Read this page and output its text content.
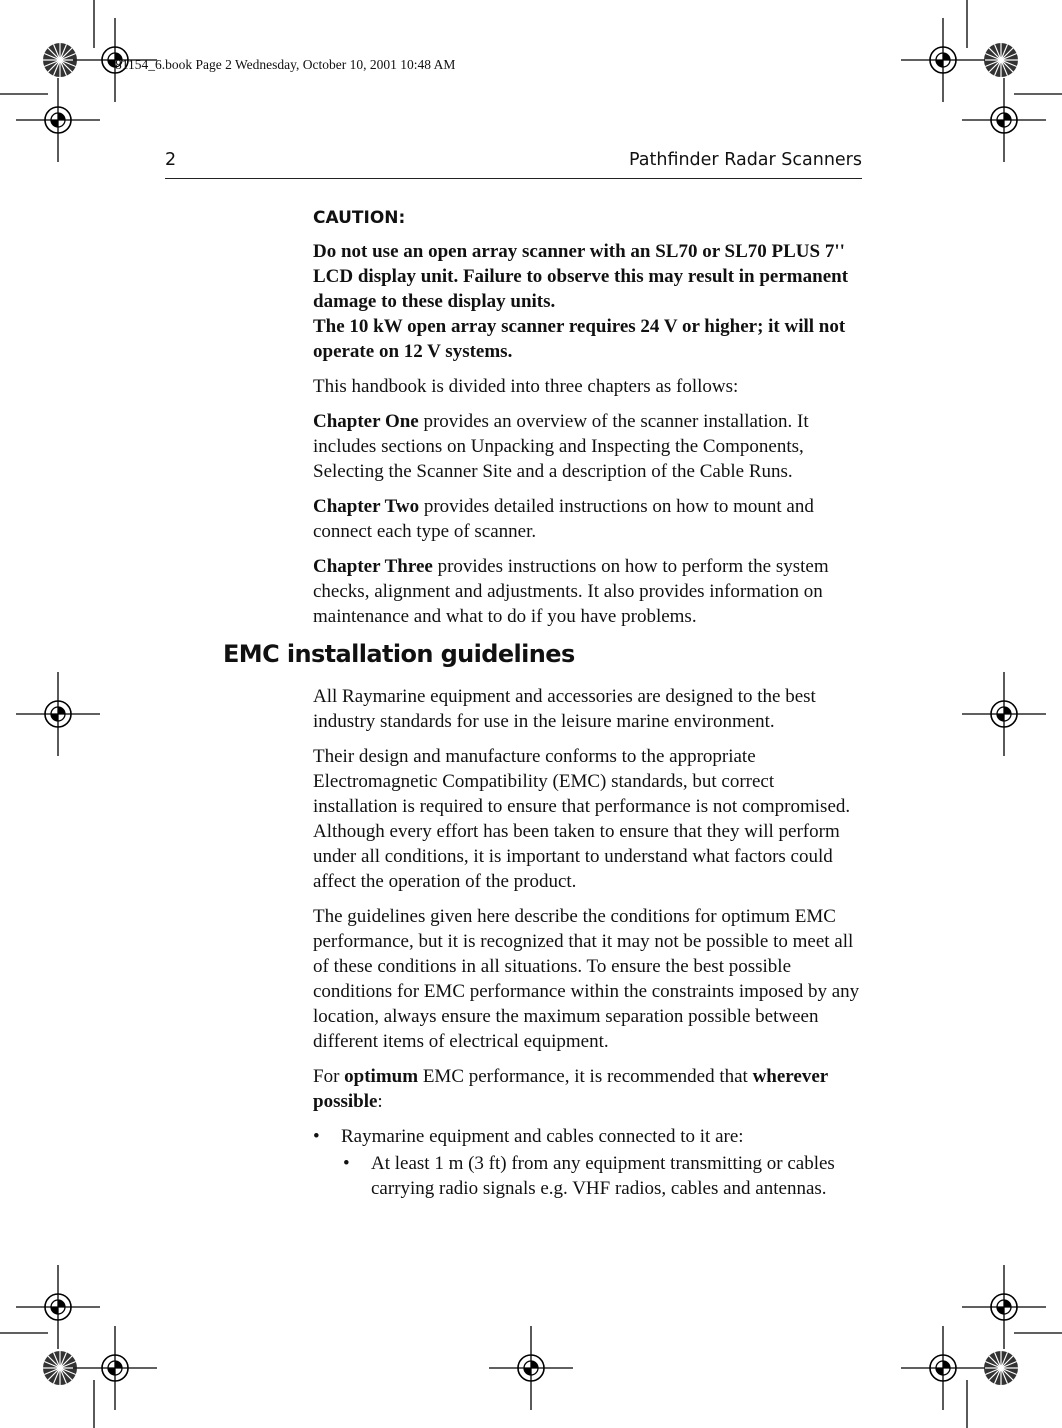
81154_6.book Page 2 Wednesday, October 10, 2001 10:48 AM
2	Pathfinder Radar Scanners

CAUTION:

Do not use an open array scanner with an SL70 or SL70 PLUS 7'' LCD display unit. Failure to observe this may result in permanent damage to these display units.
The 10 kW open array scanner requires 24 V or higher; it will not operate on 12 V systems.

This handbook is divided into three chapters as follows:

Chapter One provides an overview of the scanner installation. It includes sections on Unpacking and Inspecting the Components, Selecting the Scanner Site and a description of the Cable Runs.

Chapter Two provides detailed instructions on how to mount and connect each type of scanner.

Chapter Three provides instructions on how to perform the system checks, alignment and adjustments. It also provides information on maintenance and what to do if you have problems.

EMC installation guidelines

All Raymarine equipment and accessories are designed to the best industry standards for use in the leisure marine environment.

Their design and manufacture conforms to the appropriate Electromagnetic Compatibility (EMC) standards, but correct installation is required to ensure that performance is not compromised. Although every effort has been taken to ensure that they will perform under all conditions, it is important to understand what factors could affect the operation of the product.

The guidelines given here describe the conditions for optimum EMC performance, but it is recognized that it may not be possible to meet all of these conditions in all situations. To ensure the best possible conditions for EMC performance within the constraints imposed by any location, always ensure the maximum separation possible between different items of electrical equipment.

For optimum EMC performance, it is recommended that wherever possible:

• Raymarine equipment and cables connected to it are:
• At least 1 m (3 ft) from any equipment transmitting or cables carrying radio signals e.g. VHF radios, cables and antennas.
